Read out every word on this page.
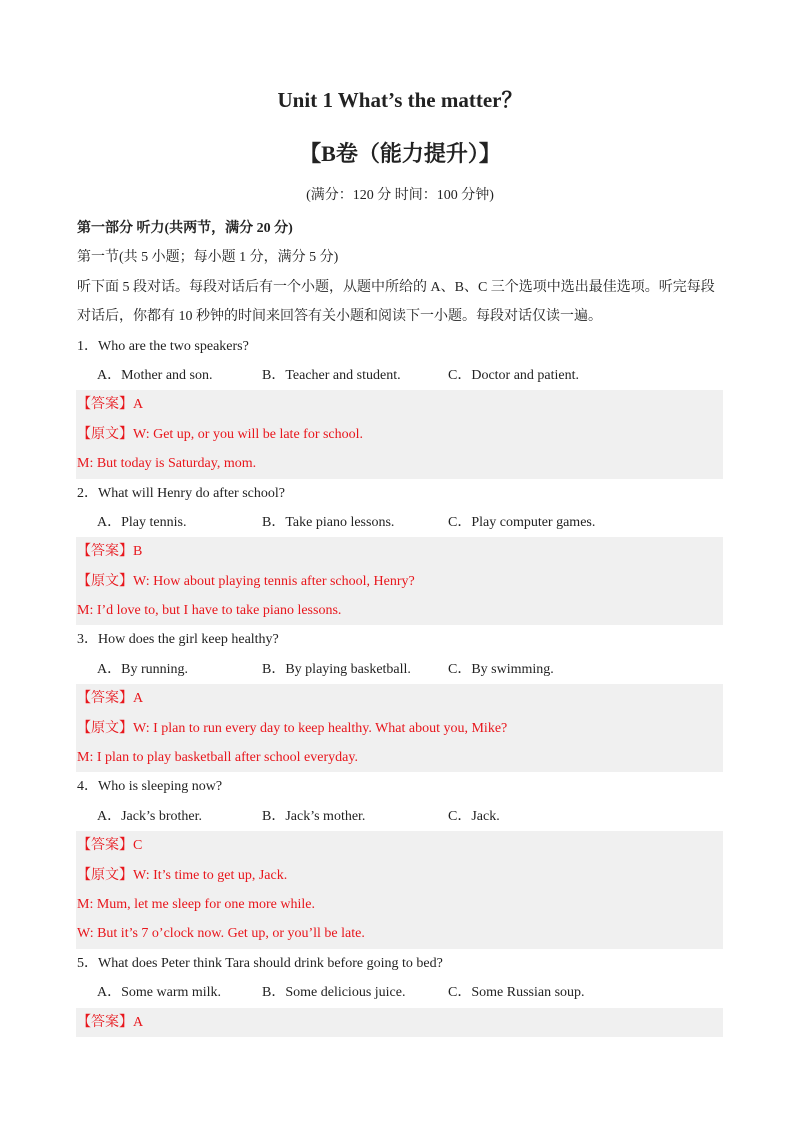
Unit 1 What’s the matter？
【B卷（能力提升）】
(满分：120 分 时间：100 分钟)
第一部分 听力(共两节，满分 20 分)
第一节(共 5 小题；每小题 1 分，满分 5 分)
听下面 5 段对话。每段对话后有一个小题，从题中所给的 A、B、C 三个选项中选出最佳选项。听完每段
对话后，你都有 10 秒钟的时间来回答有关小题和阅读下一小题。每段对话仅读一遍。
1．Who are the two speakers?
A．Mother and son.	B．Teacher and student.	C．Doctor and patient.
【答案】A
【原文】W: Get up, or you will be late for school.
M: But today is Saturday, mom.
2．What will Henry do after school?
A．Play tennis.	B．Take piano lessons.	C．Play computer games.
【答案】B
【原文】W: How about playing tennis after school, Henry?
M: I’d love to, but I have to take piano lessons.
3．How does the girl keep healthy?
A．By running.	B．By playing basketball.	C．By swimming.
【答案】A
【原文】W: I plan to run every day to keep healthy. What about you, Mike?
M: I plan to play basketball after school everyday.
4．Who is sleeping now?
A．Jack’s brother.	B．Jack’s mother.	C．Jack.
【答案】C
【原文】W: It’s time to get up, Jack.
M: Mum, let me sleep for one more while.
W: But it’s 7 o’clock now. Get up, or you’ll be late.
5．What does Peter think Tara should drink before going to bed?
A．Some warm milk.	B．Some delicious juice.	C．Some Russian soup.
【答案】A
